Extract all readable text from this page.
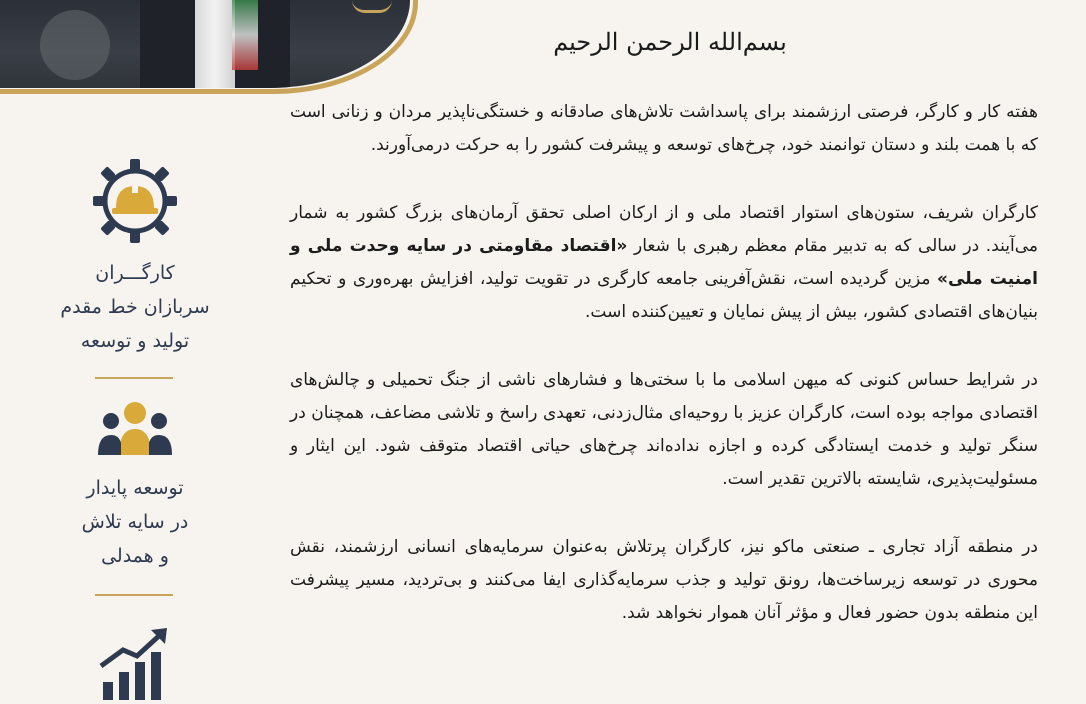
بسم‌الله الرحمن الرحیم

کارگـــران

سربازان خط مقدم

تولید و توسعه

توسعه پایدار

در سایه تلاش

و همدلی

هفته کار و کارگر، فرصتی ارزشمند برای پاسداشت تلاش‌های صادقانه و خستگی‌ناپذیر مردان و زنانی است که با همت بلند و دستان توانمند خود، چرخ‌های توسعه و پیشرفت کشور را به حرکت درمی‌آورند.

کارگران شریف، ستون‌های استوار اقتصاد ملی و از ارکان اصلی تحقق آرمان‌های بزرگ کشور به شمار می‌آیند. در سالی که به تدبیر مقام معظم رهبری با شعار «اقتصاد مقاومتی در سایه وحدت ملی و امنیت ملی» مزین گردیده است، نقش‌آفرینی جامعه کارگری در تقویت تولید، افزایش بهره‌وری و تحکیم بنیان‌های اقتصادی کشور، بیش از پیش نمایان و تعیین‌کننده است.

در شرایط حساس کنونی که میهن اسلامی ما با سختی‌ها و فشارهای ناشی از جنگ تحمیلی و چالش‌های اقتصادی مواجه بوده است، کارگران عزیز با روحیه‌ای مثال‌زدنی، تعهدی راسخ و تلاشی مضاعف، همچنان در سنگر تولید و خدمت ایستادگی کرده و اجازه نداده‌اند چرخ‌های حیاتی اقتصاد متوقف شود. این ایثار و مسئولیت‌پذیری، شایسته بالاترین تقدیر است.

در منطقه آزاد تجاری ـ صنعتی ماکو نیز، کارگران پرتلاش به‌عنوان سرمایه‌های انسانی ارزشمند، نقش محوری در توسعه زیرساخت‌ها، رونق تولید و جذب سرمایه‌گذاری ایفا می‌کنند و بی‌تردید، مسیر پیشرفت این منطقه بدون حضور فعال و مؤثر آنان هموار نخواهد شد.
